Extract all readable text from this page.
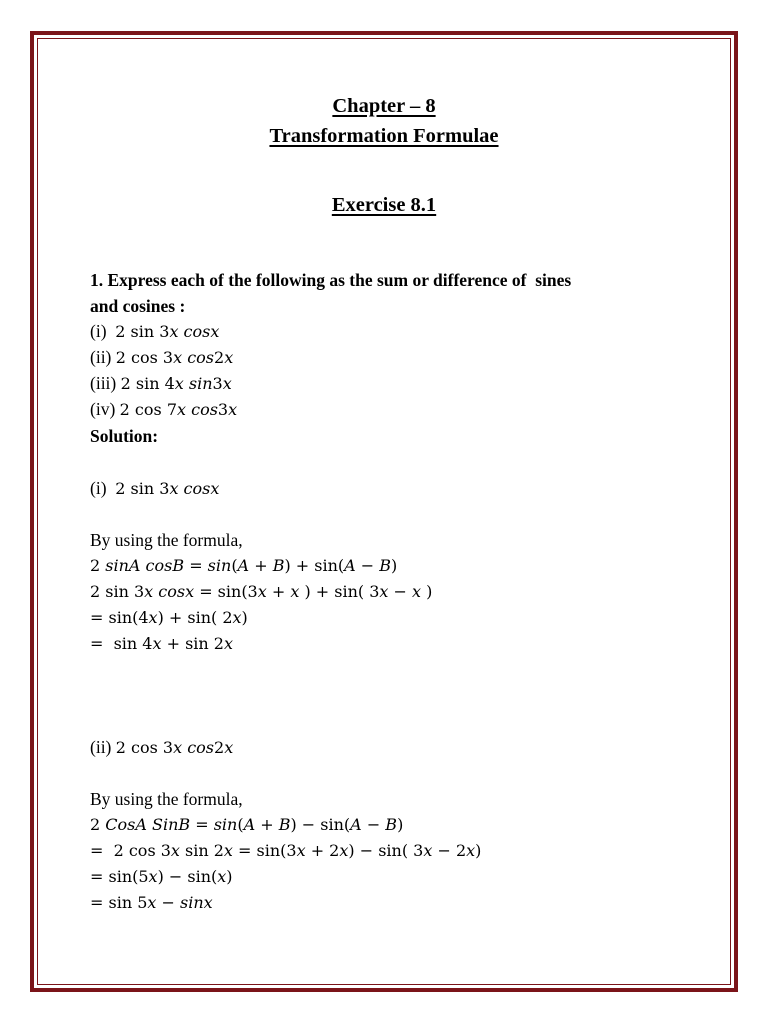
Chapter – 8
Transformation Formulae
Exercise 8.1
1. Express each of the following as the sum or difference of  sines
and cosines :
(i)  2 sin 3𝑥 𝑐𝑜𝑠𝑥
(ii) 2 cos 3𝑥 𝑐𝑜𝑠2𝑥
(iii) 2 sin 4𝑥 𝑠𝑖𝑛3𝑥
(iv) 2 cos 7𝑥 𝑐𝑜𝑠3𝑥
Solution:
(i)  2 sin 3𝑥 𝑐𝑜𝑠𝑥
By using the formula,
2 𝑠𝑖𝑛𝐴 𝑐𝑜𝑠𝐵 = 𝑠𝑖𝑛(𝐴 + 𝐵) + sin(𝐴 − 𝐵)
2 sin 3𝑥 𝑐𝑜𝑠𝑥 = sin(3𝑥 + 𝑥 ) + sin( 3𝑥 − 𝑥 )
= sin(4𝑥) + sin( 2𝑥)
=  sin 4𝑥 + sin 2𝑥
(ii) 2 cos 3𝑥 𝑐𝑜𝑠2𝑥
By using the formula,
2 𝐶𝑜𝑠𝐴 𝑆𝑖𝑛𝐵 = 𝑠𝑖𝑛(𝐴 + 𝐵) − sin(𝐴 − 𝐵)
=  2 cos 3𝑥 sin 2𝑥 = sin(3𝑥 + 2𝑥) − sin( 3𝑥 − 2𝑥)
= sin(5𝑥) − sin(𝑥)
= sin 5𝑥 − 𝑠𝑖𝑛𝑥
